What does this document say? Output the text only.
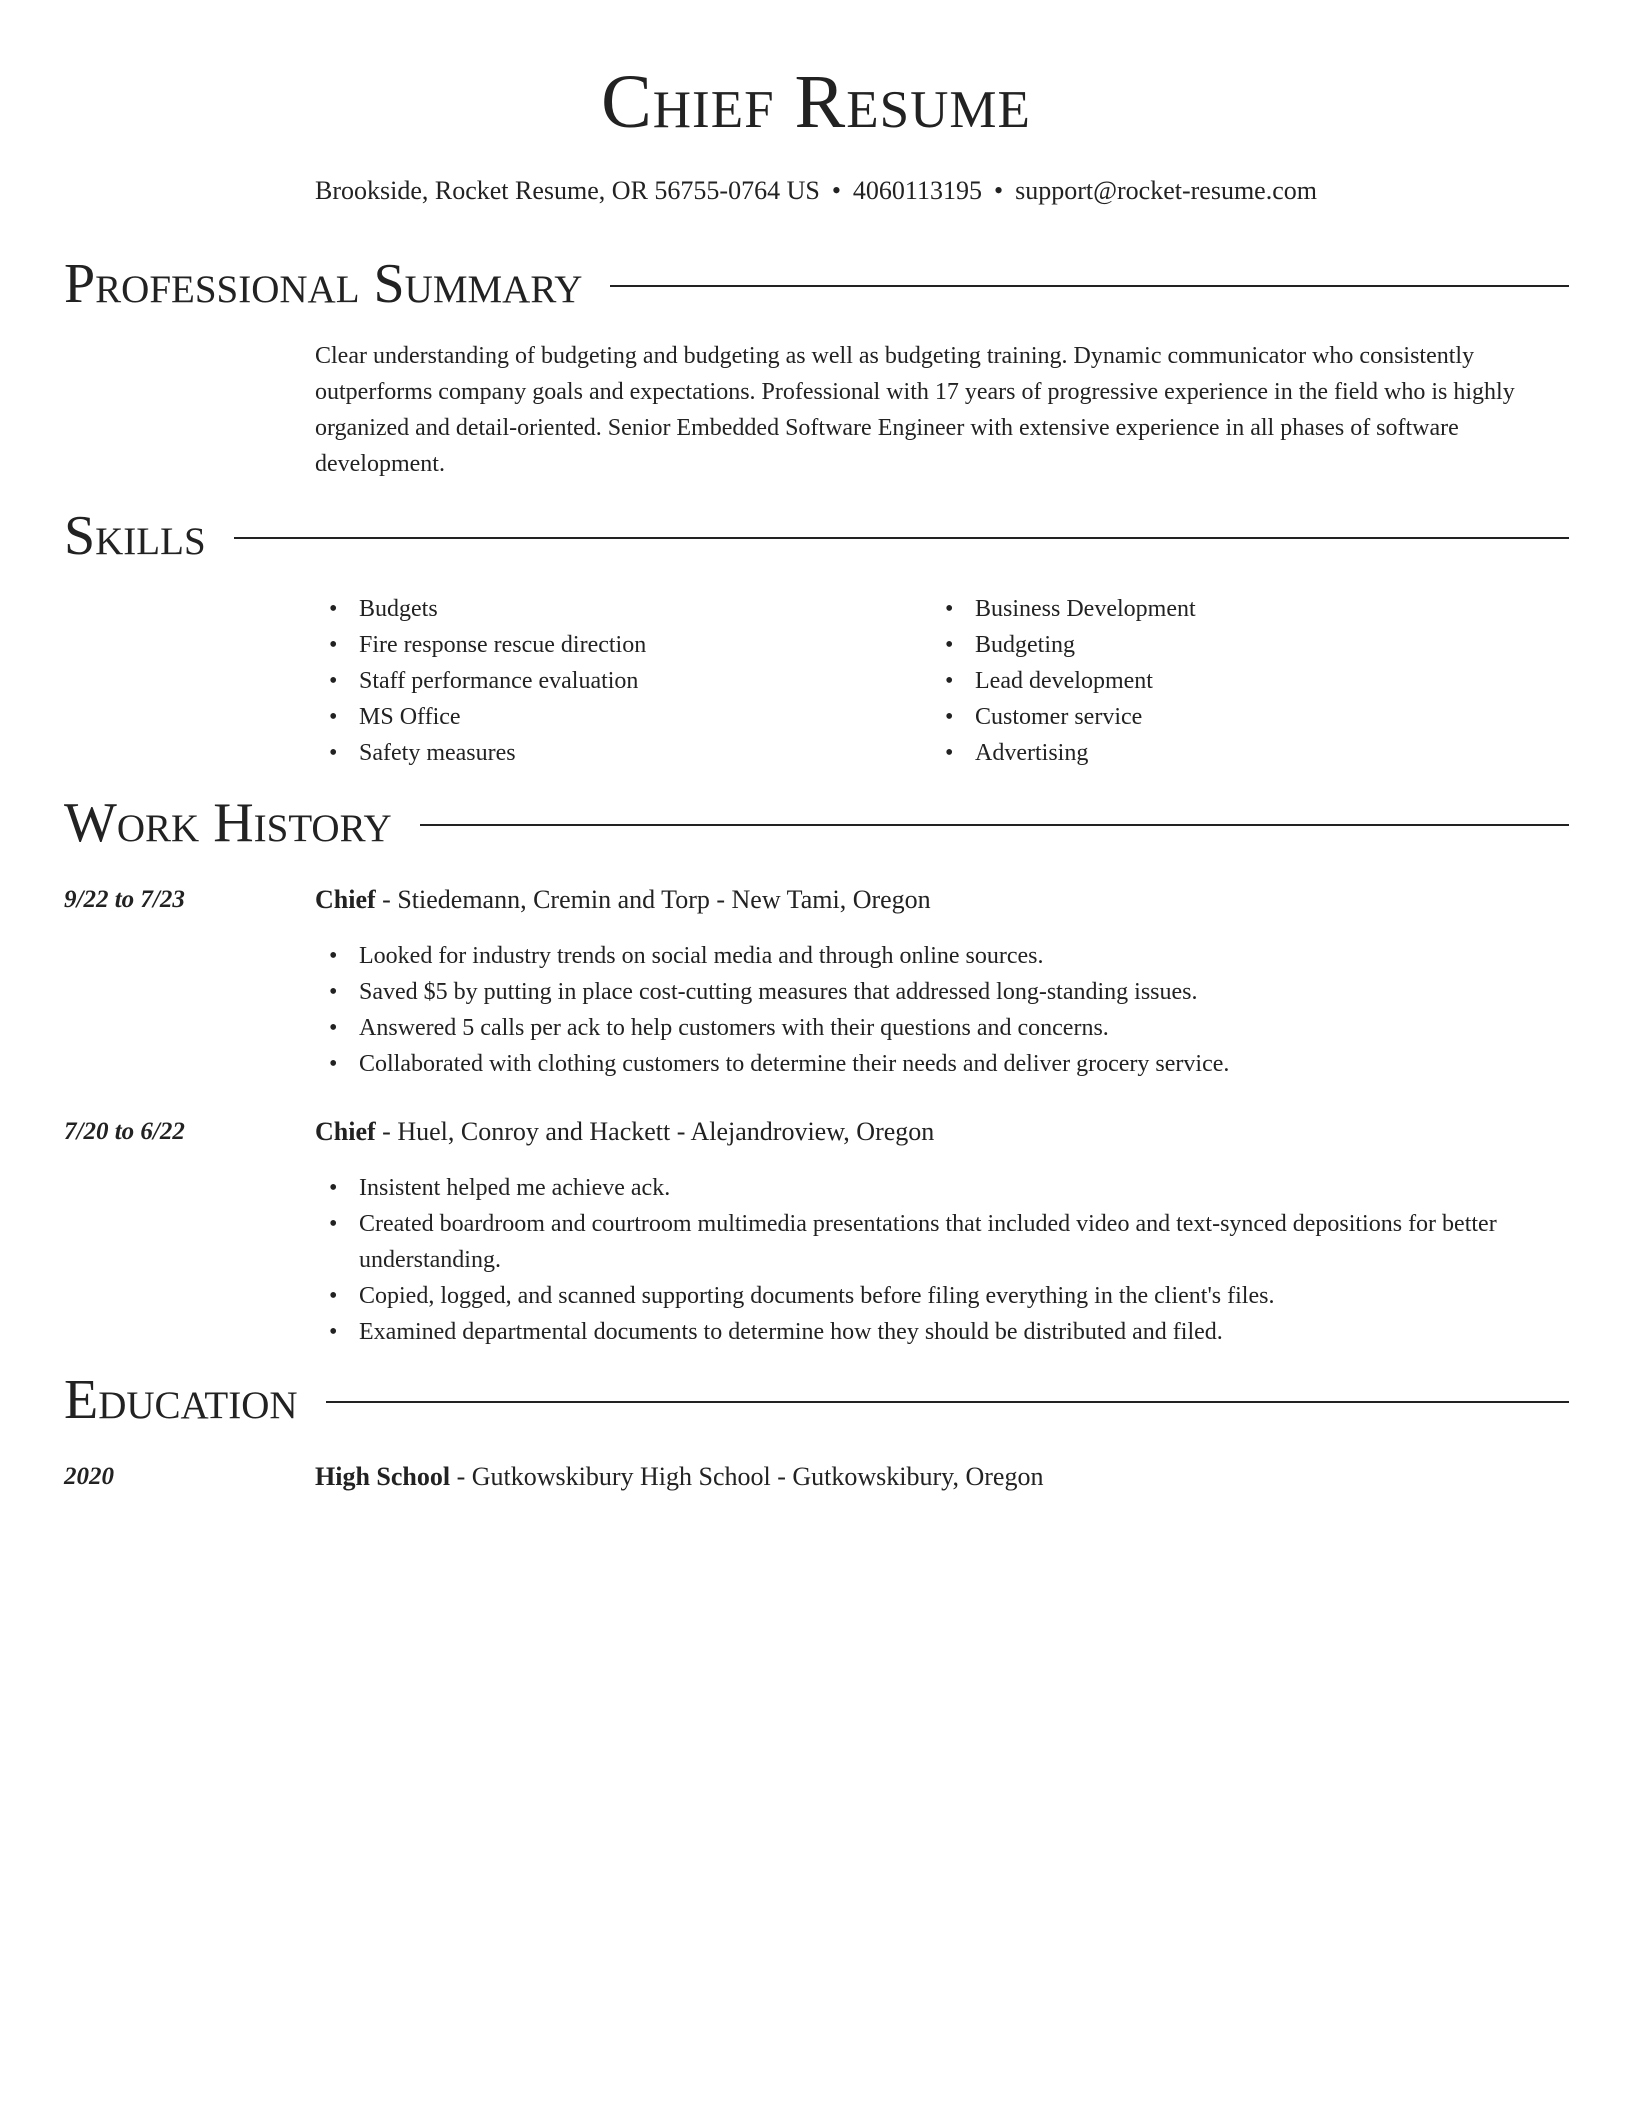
Chief Resume
Brookside, Rocket Resume, OR 56755-0764 US • 4060113195 • support@rocket-resume.com
Professional Summary
Clear understanding of budgeting and budgeting as well as budgeting training. Dynamic communicator who consistently outperforms company goals and expectations. Professional with 17 years of progressive experience in the field who is highly organized and detail-oriented. Senior Embedded Software Engineer with extensive experience in all phases of software development.
Skills
• Budgets
• Fire response rescue direction
• Staff performance evaluation
• MS Office
• Safety measures
• Business Development
• Budgeting
• Lead development
• Customer service
• Advertising
Work History
9/22 to 7/23	Chief - Stiedemann, Cremin and Torp - New Tami, Oregon
• Looked for industry trends on social media and through online sources.
• Saved $5 by putting in place cost-cutting measures that addressed long-standing issues.
• Answered 5 calls per ack to help customers with their questions and concerns.
• Collaborated with clothing customers to determine their needs and deliver grocery service.
7/20 to 6/22	Chief - Huel, Conroy and Hackett - Alejandroview, Oregon
• Insistent helped me achieve ack.
• Created boardroom and courtroom multimedia presentations that included video and text-synced depositions for better understanding.
• Copied, logged, and scanned supporting documents before filing everything in the client's files.
• Examined departmental documents to determine how they should be distributed and filed.
Education
2020	High School - Gutkowskibury High School - Gutkowskibury, Oregon
